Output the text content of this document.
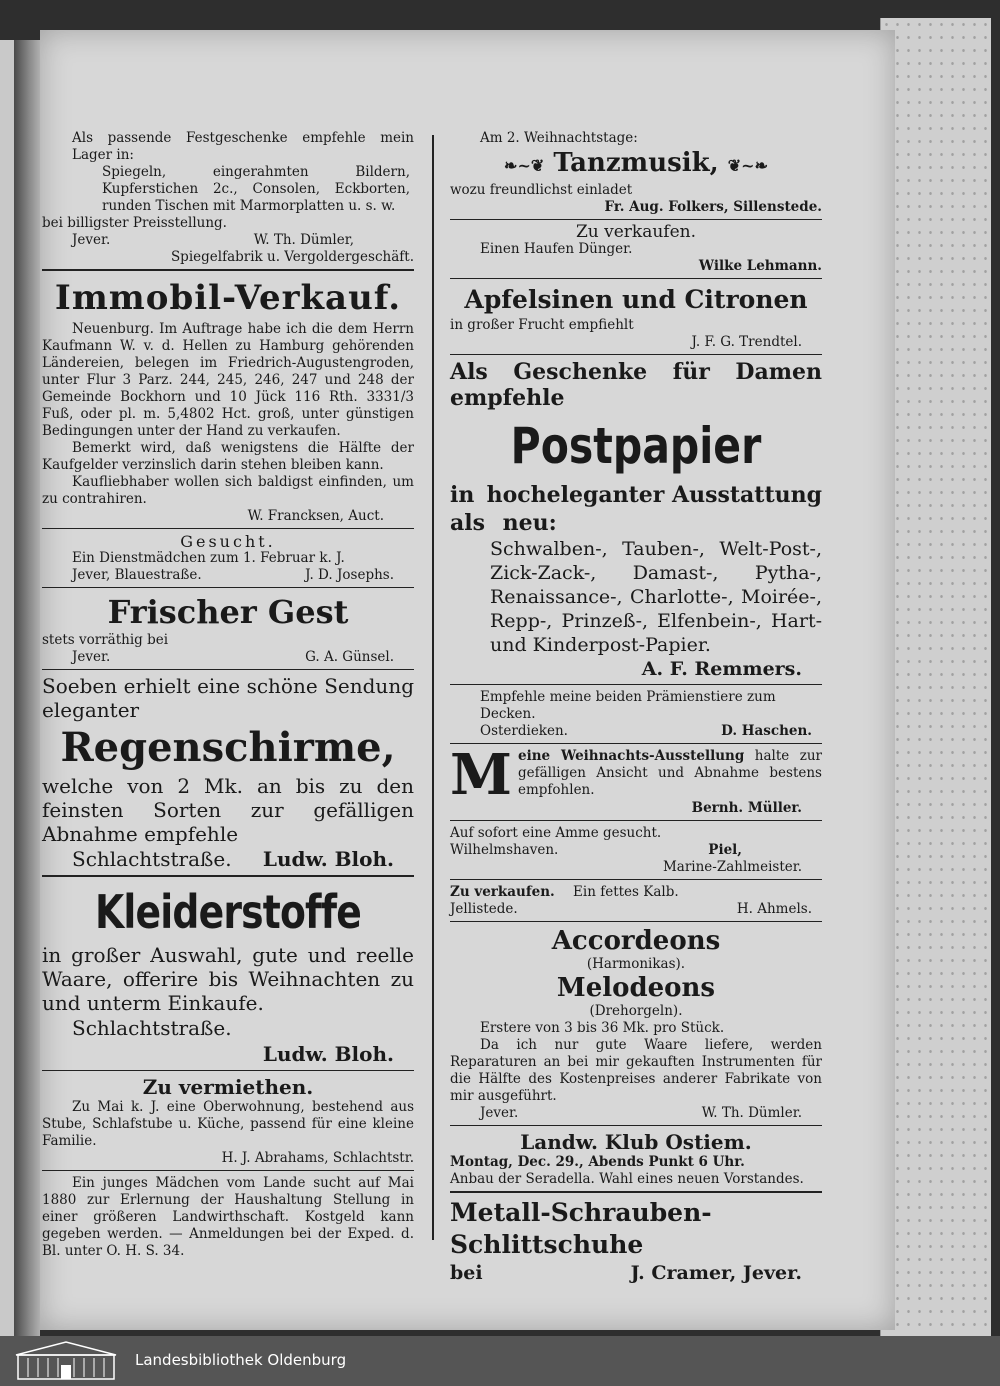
Als passende Festgeschenke empfehle mein Lager in:
Spiegeln, eingerahmten Bildern, Kupferstichen 2c., Consolen, Eckborten, runden Tischen mit Marmorplatten u. s. w.
bei billigster Preisstellung.
Jever.	W. Th. Dümler,
Spiegelfabrik u. Vergoldergeschäft.
Immobil-Verkauf.
Neuenburg. Im Auftrage habe ich die dem Herrn Kaufmann W. v. d. Hellen zu Hamburg gehörenden Ländereien, belegen im Friedrich-Augustengroden, unter Flur 3 Parz. 244, 245, 246, 247 und 248 der Gemeinde Bockhorn und 10 Jück 116 Rth. 3331/3 Fuß, oder pl. m. 5,4802 Hct. groß, unter günstigen Bedingungen unter der Hand zu verkaufen.
Bemerkt wird, daß wenigstens die Hälfte der Kaufgelder verzinslich darin stehen bleiben kann.
Kaufliebhaber wollen sich baldigst einfinden, um zu contrahiren.
W. Francksen, Auct.
Gesucht.
Ein Dienstmädchen zum 1. Februar k. J.
Jever, Blauestraße.	J. D. Josephs.
Frischer Gest
stets vorräthig bei
Jever.	G. A. Günsel.
Soeben erhielt eine schöne Sendung eleganter
Regenschirme,
welche von 2 Mk. an bis zu den feinsten Sorten zur gefälligen Abnahme empfehle
Schlachtstraße. Ludw. Bloh.
Kleiderstoffe
in großer Auswahl, gute und reelle Waare, offerire bis Weihnachten zu und unterm Einkaufe.
Schlachtstraße.
Ludw. Bloh.
Zu vermiethen.
Zu Mai k. J. eine Oberwohnung, bestehend aus Stube, Schlafstube u. Küche, passend für eine kleine Familie.
H. J. Abrahams, Schlachtstr.
Ein junges Mädchen vom Lande sucht auf Mai 1880 zur Erlernung der Haushaltung Stellung in einer größeren Landwirthschaft. Kostgeld kann gegeben werden. — Anmeldungen bei der Exped. d. Bl. unter O. H. S. 34.
Am 2. Weihnachtstage:
❧~❦ Tanzmusik, ❦~❧
wozu freundlichst einladet
Fr. Aug. Folkers, Sillenstede.
Zu verkaufen.
Einen Haufen Dünger.
Wilke Lehmann.
Apfelsinen und Citronen
in großer Frucht empfiehlt
J. F. G. Trendtel.
Als Geschenke für Damen
empfehle
Postpapier
in hocheleganter Ausstattung
als neu:
Schwalben-, Tauben-, Welt-Post-, Zick-Zack-, Damast-, Pytha-, Renaissance-, Charlotte-, Moirée-, Repp-, Prinzeß-, Elfenbein-, Hart- und Kinderpost-Papier.
A. F. Remmers.
Empfehle meine beiden Prämienstiere zum Decken.
Osterdieken.	D. Haschen.
M eine Weihnachts-Ausstellung halte zur gefälligen Ansicht und Abnahme bestens empfohlen.
Bernh. Müller.
Auf sofort eine Amme gesucht.
Wilhelmshaven.	Piel,
Marine-Zahlmeister.
Zu verkaufen. Ein fettes Kalb.
Jellistede.	H. Ahmels.
Accordeons
(Harmonikas).
Melodeons
(Drehorgeln).
Erstere von 3 bis 36 Mk. pro Stück.
Da ich nur gute Waare liefere, werden Reparaturen an bei mir gekauften Instrumenten für die Hälfte des Kostenpreises anderer Fabrikate von mir ausgeführt.
Jever.	W. Th. Dümler.
Landw. Klub Ostiem.
Montag, Dec. 29., Abends Punkt 6 Uhr.
Anbau der Seradella. Wahl eines neuen Vorstandes.
Metall-Schrauben-Schlittschuhe
bei	J. Cramer, Jever.
Landesbibliothek Oldenburg
